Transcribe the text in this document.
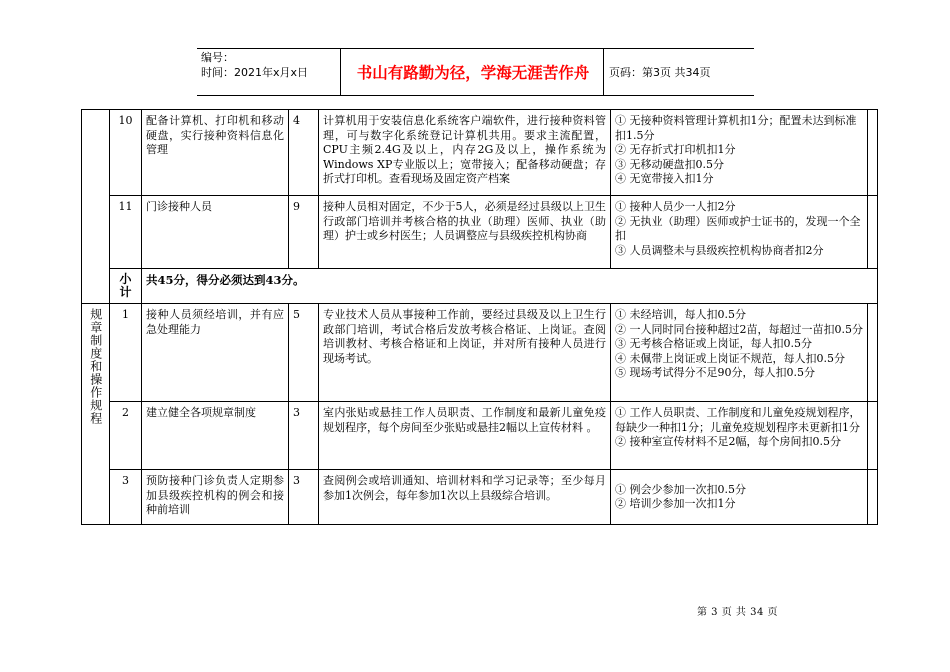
编号：
时间：2021年x月x日	书山有路勤为径，学海无涯苦作舟	页码：第3页 共34页
	10	配备计算机、打印机和移动硬盘，实行接种资料信息化管理	4	计算机用于安装信息化系统客户端软件，进行接种资料管理，可与数字化系统登记计算机共用。要求主流配置，CPU主频2.4G及以上，内存2G及以上，操作系统为Windows XP专业版以上；宽带接入；配备移动硬盘；存折式打印机。查看现场及固定资产档案	① 无接种资料管理计算机扣1分；配置未达到标准扣1.5分
② 无存折式打印机扣1分
③ 无移动硬盘扣0.5分
④ 无宽带接入扣1分	

	11	门诊接种人员	9	接种人员相对固定，不少于5人，必须是经过县级以上卫生行政部门培训并考核合格的执业（助理）医师、执业（助理）护士或乡村医生；人员调整应与县级疾控机构协商	① 接种人员少一人扣2分
② 无执业（助理）医师或护士证书的，发现一个全扣
③ 人员调整未与县级疾控机构协商者扣2分	

	小计	共45分，得分必须达到43分。				

规章制度和操作规程	1	接种人员须经培训，并有应急处理能力	5	专业技术人员从事接种工作前，要经过县级及以上卫生行政部门培训，考试合格后发放考核合格证、上岗证。查阅培训教材、考核合格证和上岗证，并对所有接种人员进行现场考试。	① 未经培训，每人扣0.5分
② 一人同时同台接种超过2苗，每超过一苗扣0.5分
③ 无考核合格证或上岗证，每人扣0.5分
④ 未佩带上岗证或上岗证不规范，每人扣0.5分
⑤ 现场考试得分不足90分，每人扣0.5分	

	2	建立健全各项规章制度	3	室内张贴或悬挂工作人员职责、工作制度和最新儿童免疫规划程序，每个房间至少张贴或悬挂2幅以上宣传材料 。	① 工作人员职责、工作制度和儿童免疫规划程序，每缺少一种扣1分；儿童免疫规划程序未更新扣1分
② 接种室宣传材料不足2幅，每个房间扣0.5分	

	3	预防接种门诊负责人定期参加县级疾控机构的例会和接种前培训	3	查阅例会或培训通知、培训材料和学习记录等；至少每月参加1次例会，每年参加1次以上县级综合培训。	① 例会少参加一次扣0.5分
② 培训少参加一次扣1分	

第 3 页 共 34 页
